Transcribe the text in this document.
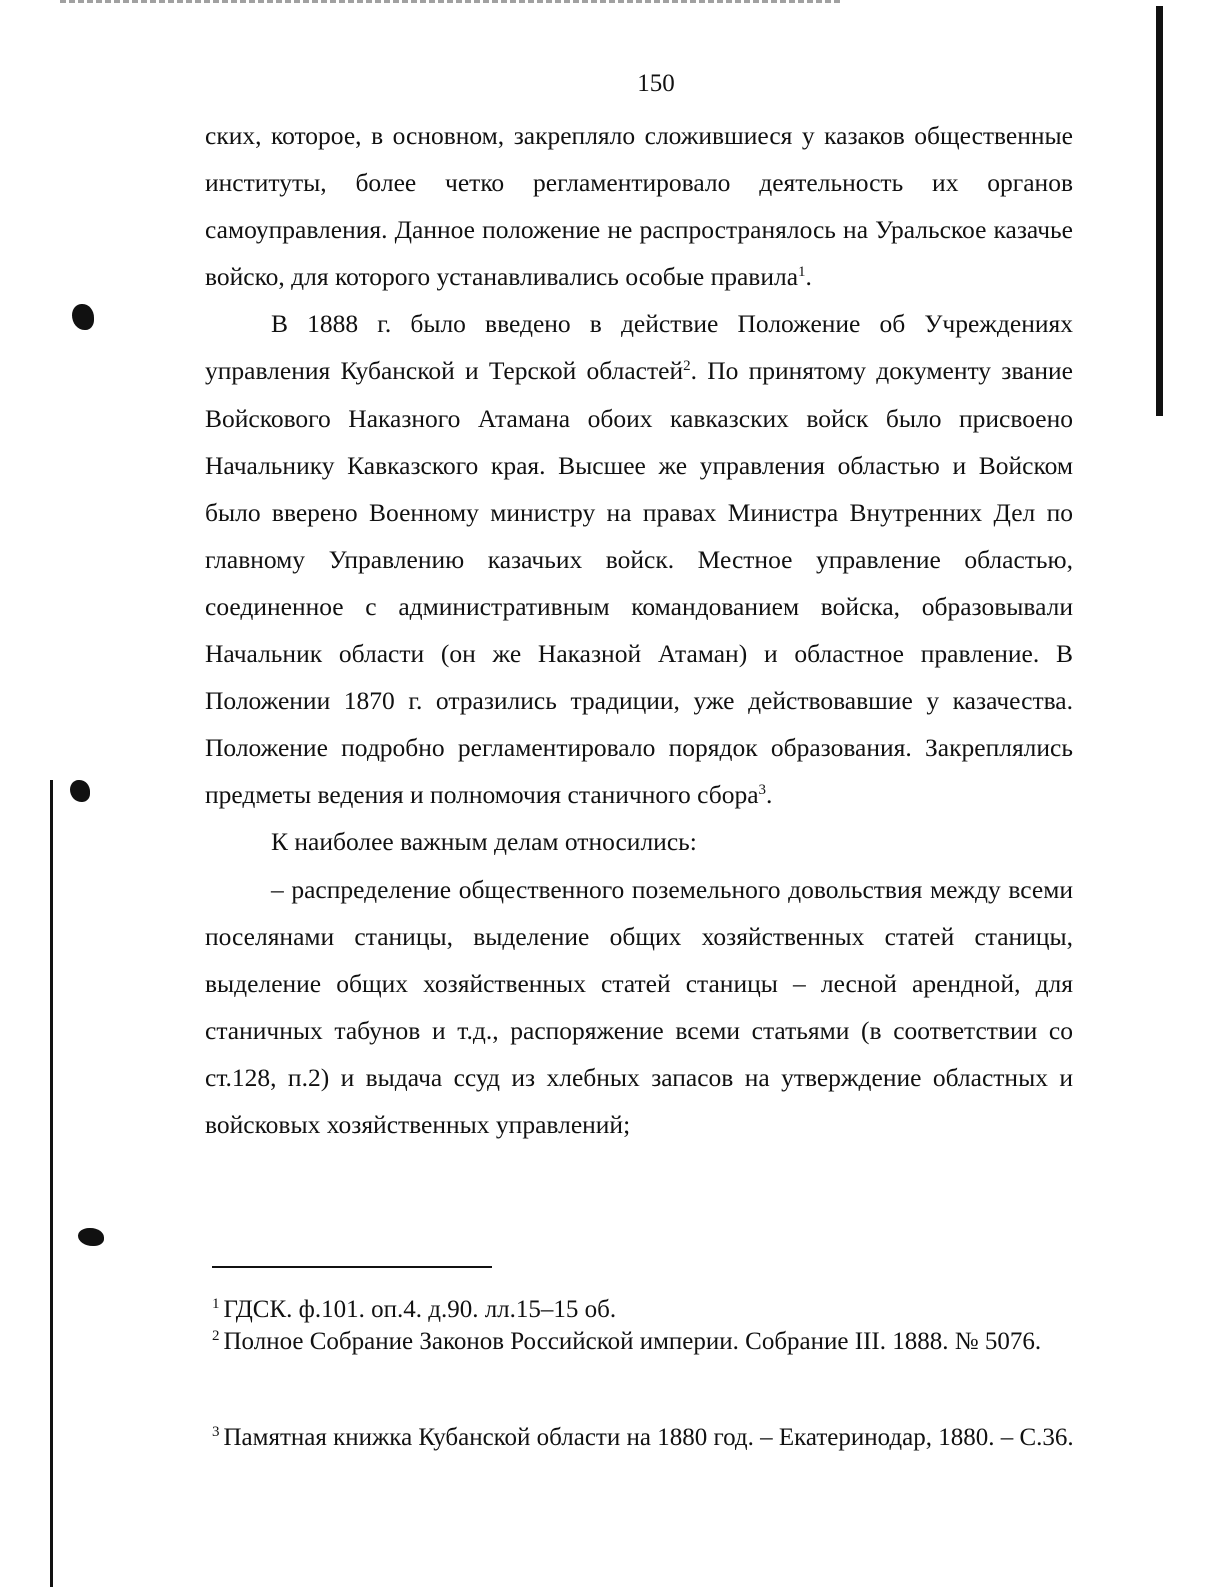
150

ских, которое, в основном, закрепляло сложившиеся у казаков общественные институты, более четко регламентировало деятельность их органов самоуправления. Данное положение не распространялось на Уральское казачье войско, для которого устанавливались особые правила$^1$.

В 1888 г. было введено в действие Положение об Учреждениях управления Кубанской и Терской областей$^2$. По принятому документу звание Войскового Наказного Атамана обоих кавказских войск было присвоено Начальнику Кавказского края. Высшее же управления областью и Войском было вверено Военному министру на правах Министра Внутренних Дел по главному Управлению казачьих войск. Местное управление областью, соединенное с административным командованием войска, образовывали Начальник области (он же Наказной Атаман) и областное правление. В Положении 1870 г. отразились традиции, уже действовавшие у казачества. Положение подробно регламентировало порядок образования. Закреплялись предметы ведения и полномочия станичного сбора$^3$.

К наиболее важным делам относились:

– распределение общественного поземельного довольствия между всеми поселянами станицы, выделение общих хозяйственных статей станицы, выделение общих хозяйственных статей станицы – лесной арендной, для станичных табунов и т.д., распоряжение всеми статьями (в соответствии со ст.128, п.2) и выдача ссуд из хлебных запасов на утверждение областных и войсковых хозяйственных управлений;

$^1$ ГДСК. ф.101. оп.4. д.90. лл.15–15 об.
$^2$ Полное Собрание Законов Российской империи. Собрание III. 1888. № 5076.
$^3$ Памятная книжка Кубанской области на 1880 год. – Екатеринодар, 1880. – С.36.
